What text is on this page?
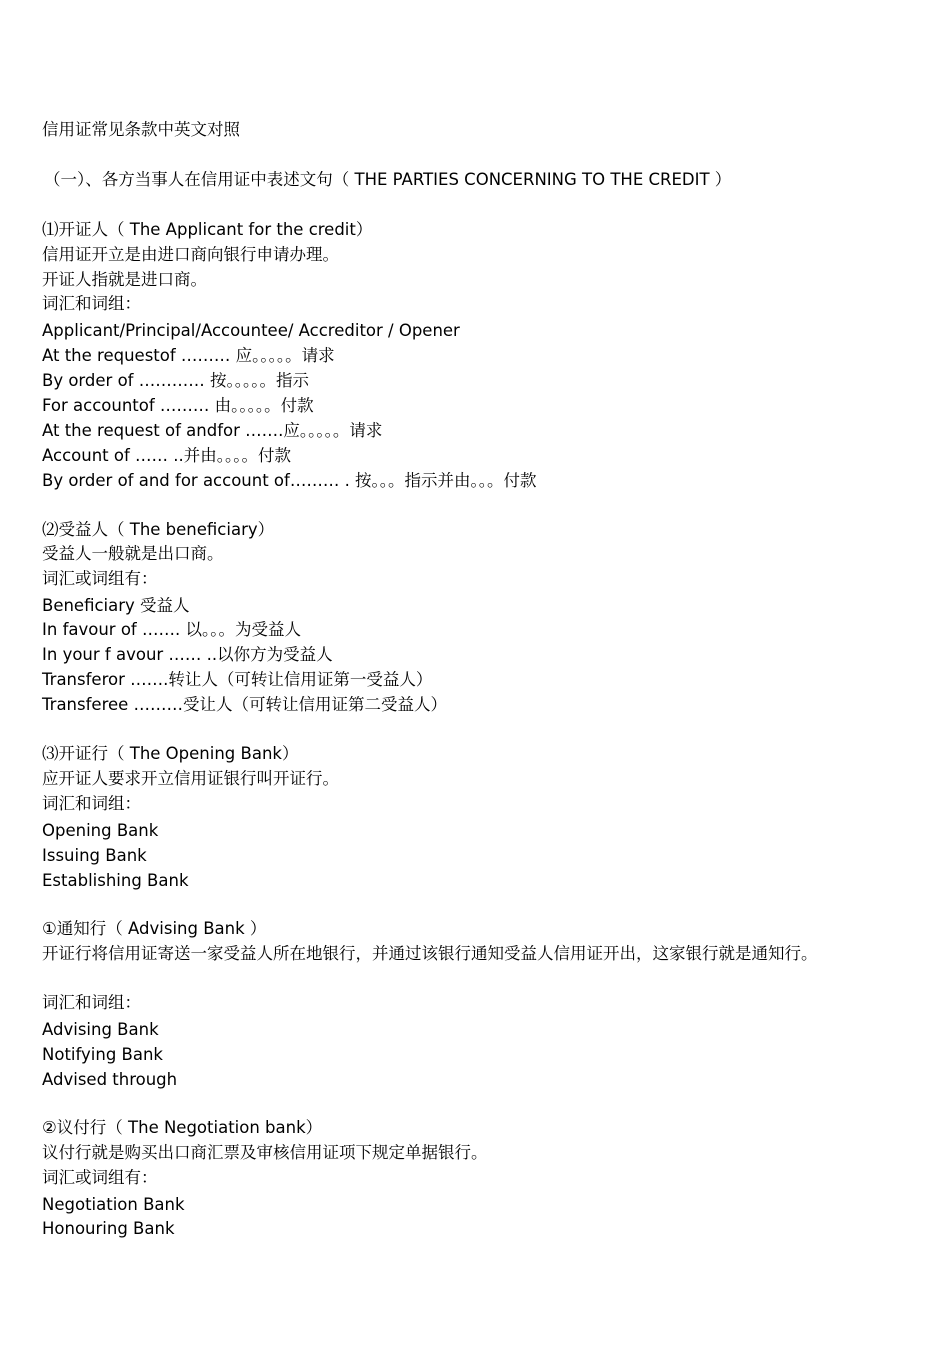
信用证常见条款中英文对照

（一）、各方当事人在信用证中表述文句（ THE PARTIES CONCERNING TO THE CREDIT ）

⑴开证人（ The Applicant for the credit）

信用证开立是由进口商向银行申请办理。

开证人指就是进口商。

词汇和词组：

Applicant/Principal/Accountee/ Accreditor / Opener

At the requestof ……… 应。。。。。请求

By order of ………… 按。。。。。指示

For accountof ……… 由。。。。。付款

At the request of andfor …….应。。。。。请求

Account of …… ..并由。。。。付款

By order of and for account of……… . 按。。。指示并由。。。付款

⑵受益人（ The beneficiary）

受益人一般就是出口商。

词汇或词组有：

Beneficiary 受益人

In favour of ……. 以。。。为受益人

In your f avour …… ..以你方为受益人

Transferor …….转让人（可转让信用证第一受益人）

Transferee ………受让人（可转让信用证第二受益人）

⑶开证行（ The Opening Bank）

应开证人要求开立信用证银行叫开证行。

词汇和词组：

Opening Bank

Issuing Bank

Establishing Bank

①通知行（ Advising Bank ）

开证行将信用证寄送一家受益人所在地银行，并通过该银行通知受益人信用证开出，这家银行就是通知行。

词汇和词组：

Advising Bank

Notifying Bank

Advised through

②议付行（ The Negotiation bank）

议付行就是购买出口商汇票及审核信用证项下规定单据银行。

词汇或词组有：

Negotiation Bank

Honouring Bank
